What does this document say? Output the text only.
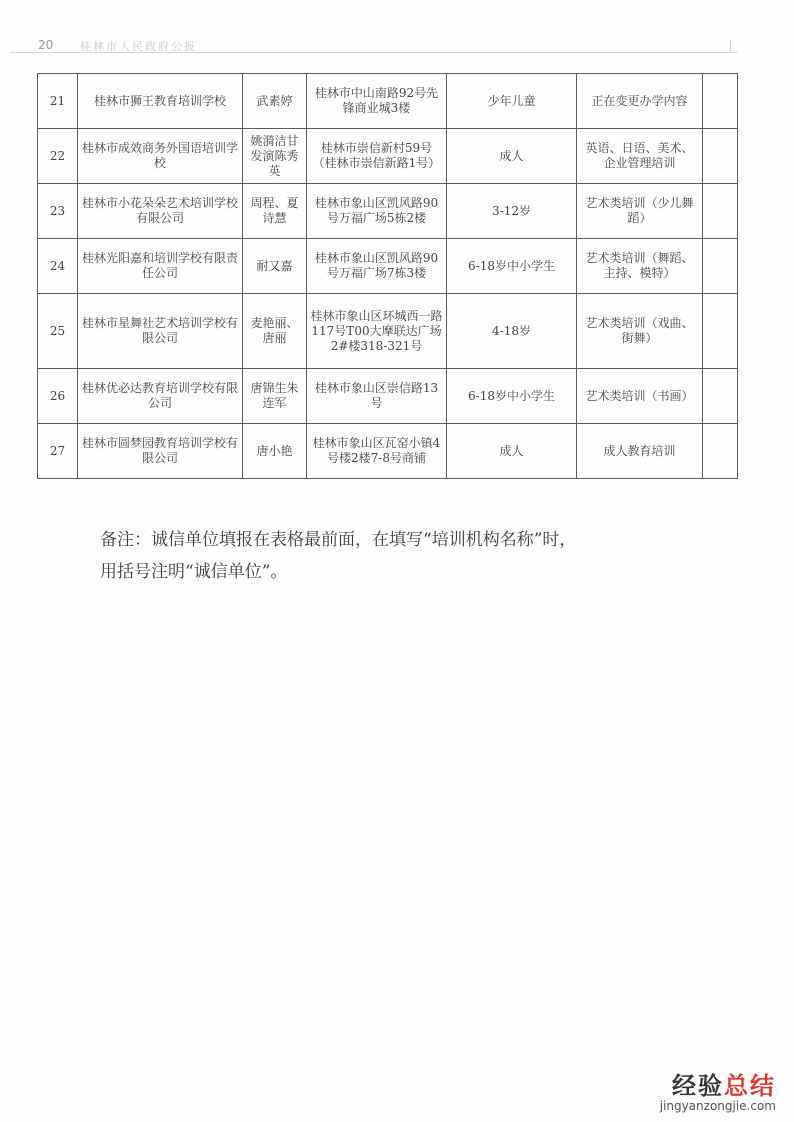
20 桂林市人民政府公报
21	桂林市狮王教育培训学校	武素婷	桂林市中山南路92号先锋商业城3楼	少年儿童	正在变更办学内容	
22	桂林市成效商务外国语培训学校	姚漪洁甘发演陈秀英	桂林市崇信新村59号（桂林市崇信新路1号）	成人	英语、日语、美术、企业管理培训	
23	桂林市小花朵朵艺术培训学校有限公司	周程、夏诗慧	桂林市象山区凯风路90号万福广场5栋2楼	3-12岁	艺术类培训（少儿舞蹈）	
24	桂林光阳嘉和培训学校有限责任公司	耐又嘉	桂林市象山区凯风路90号万福广场7栋3楼	6-18岁中小学生	艺术类培训（舞蹈、主持、模特）	
25	桂林市星舞社艺术培训学校有限公司	麦艳丽、唐丽	桂林市象山区环城西一路117号T00大摩联达广场2#楼318-321号	4-18岁	艺术类培训（戏曲、街舞）	
26	桂林优必达教育培训学校有限公司	唐锦生朱连军	桂林市象山区崇信路13号	6-18岁中小学生	艺术类培训（书画）	
27	桂林市圆梦园教育培训学校有限公司	唐小艳	桂林市象山区瓦窑小镇4号楼2楼7-8号商铺	成人	成人教育培训	

备注：诚信单位填报在表格最前面，在填写“培训机构名称”时，

用括号注明“诚信单位”。

经验总结
jingyanzongjie.com
